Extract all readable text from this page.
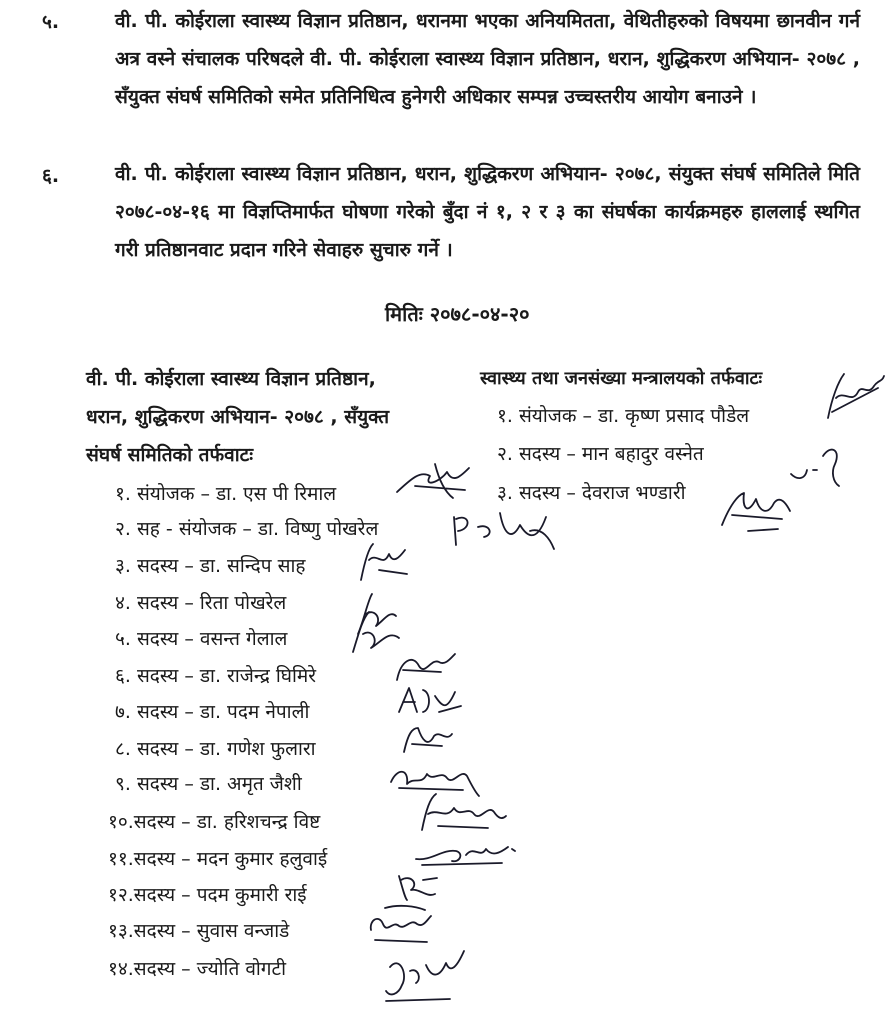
५.	वी. पी. कोईराला स्वास्थ्य विज्ञान प्रतिष्ठान, धरानमा भएका अनियमितता, वेथितीहरुको विषयमा छानवीन गर्न अत्र वस्ने संचालक परिषदले वी. पी. कोईराला स्वास्थ्य विज्ञान प्रतिष्ठान, धरान, शुद्धिकरण अभियान- २०७८ , सँयुक्त संघर्ष समितिको समेत प्रतिनिधित्व हुनेगरी अधिकार सम्पन्न उच्चस्तरीय आयोग बनाउने ।
६.	वी. पी. कोईराला स्वास्थ्य विज्ञान प्रतिष्ठान, धरान, शुद्धिकरण अभियान- २०७८, संयुक्त संघर्ष समितिले मिति २०७८-०४-१६ मा विज्ञप्तिमार्फत घोषणा गरेको बुँदा नं १, २ र ३ का संघर्षका कार्यक्रमहरु हाललाई स्थगित गरी प्रतिष्ठानवाट प्रदान गरिने सेवाहरु सुचारु गर्ने ।
मितिः २०७८-०४-२०
वी. पी. कोईराला स्वास्थ्य विज्ञान प्रतिष्ठान,
धरान, शुद्धिकरण अभियान- २०७८ , सँयुक्त
संघर्ष समितिको तर्फवाटः
१. संयोजक – डा. एस पी रिमाल
२. सह - संयोजक – डा. विष्णु पोखरेल
३. सदस्य – डा. सन्दिप साह
४. सदस्य – रिता पोखरेल
५. सदस्य – वसन्त गेलाल
६. सदस्य – डा. राजेन्द्र घिमिरे
७. सदस्य – डा. पदम नेपाली
८. सदस्य – डा. गणेश फुलारा
९. सदस्य – डा. अमृत जैशी
१०.सदस्य – डा. हरिशचन्द्र विष्ट
११.सदस्य – मदन कुमार हलुवाई
१२.सदस्य – पदम कुमारी राई
१३.सदस्य – सुवास वन्जाडे
१४.सदस्य – ज्योति वोगटी
स्वास्थ्य तथा जनसंख्या मन्त्रालयको तर्फवाटः
१. संयोजक – डा. कृष्ण प्रसाद पौडेल
२. सदस्य – मान बहादुर वस्नेत
३. सदस्य – देवराज भण्डारी
